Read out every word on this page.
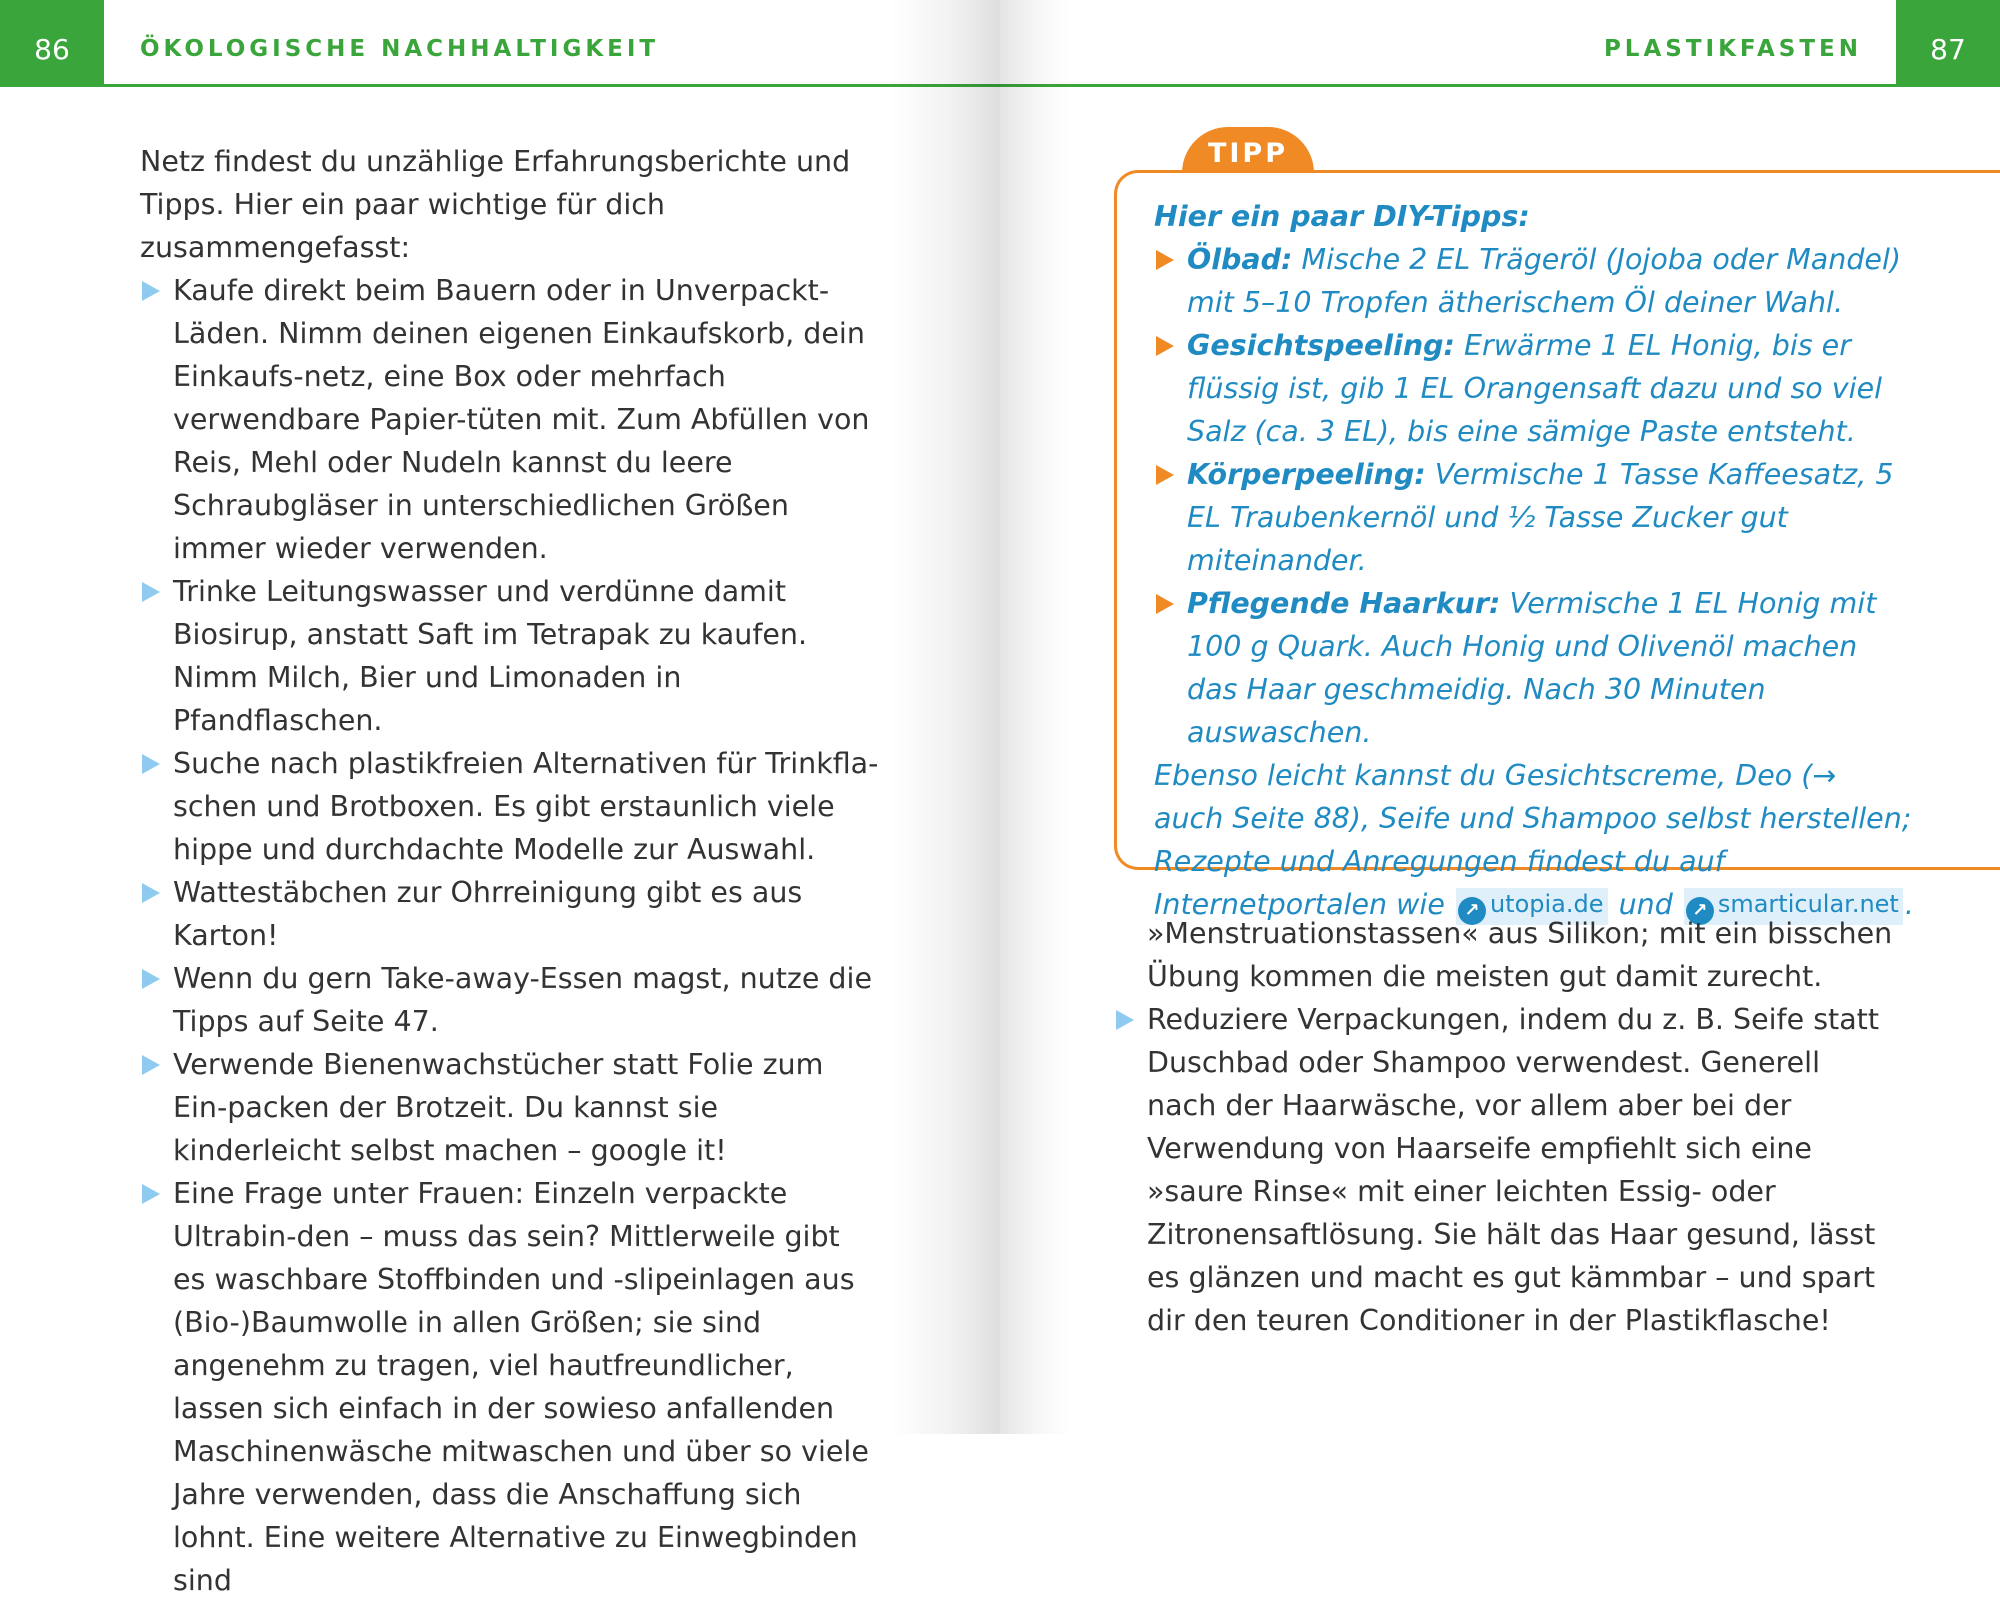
86	ÖKOLOGISCHE NACHHALTIGKEIT

Netz findest du unzählige Erfahrungsberichte und Tipps. Hier ein paar wichtige für dich zusammengefasst:

Kaufe direkt beim Bauern oder in Unverpackt-Läden. Nimm deinen eigenen Einkaufskorb, dein Einkaufs-netz, eine Box oder mehrfach verwendbare Papier-tüten mit. Zum Abfüllen von Reis, Mehl oder Nudeln kannst du leere Schraubgläser in unterschiedlichen Größen immer wieder verwenden.
Trinke Leitungswasser und verdünne damit Biosirup, anstatt Saft im Tetrapak zu kaufen. Nimm Milch, Bier und Limonaden in Pfandflaschen.
Suche nach plastikfreien Alternativen für Trinkfla-schen und Brotboxen. Es gibt erstaunlich viele hippe und durchdachte Modelle zur Auswahl.
Wattestäbchen zur Ohrreinigung gibt es aus Karton!
Wenn du gern Take-away-Essen magst, nutze die Tipps auf Seite 47.
Verwende Bienenwachstücher statt Folie zum Ein-packen der Brotzeit. Du kannst sie kinderleicht selbst machen – google it!
Eine Frage unter Frauen: Einzeln verpackte Ultrabin-den – muss das sein? Mittlerweile gibt es waschbare Stoffbinden und -slipeinlagen aus (Bio-)Baumwolle in allen Größen; sie sind angenehm zu tragen, viel hautfreundlicher, lassen sich einfach in der sowieso anfallenden Maschinenwäsche mitwaschen und über so viele Jahre verwenden, dass die Anschaffung sich lohnt. Eine weitere Alternative zu Einwegbinden sind
87
PLASTIKFASTEN
TIPP

Hier ein paar DIY-Tipps:

Ölbad: Mische 2 EL Trägeröl (Jojoba oder Mandel) mit 5–10 Tropfen ätherischem Öl deiner Wahl.
Gesichtspeeling: Erwärme 1 EL Honig, bis er flüssig ist, gib 1 EL Orangensaft dazu und so viel Salz (ca. 3 EL), bis eine sämige Paste entsteht.
Körperpeeling: Vermische 1 Tasse Kaffeesatz, 5 EL Traubenkernöl und ½ Tasse Zucker gut miteinander.
Pflegende Haarkur: Vermische 1 EL Honig mit 100 g Quark. Auch Honig und Olivenöl machen das Haar geschmeidig. Nach 30 Minuten auswaschen.

Ebenso leicht kannst du Gesichtscreme, Deo (→ auch Seite 88), Seife und Shampoo selbst herstellen; Rezepte und Anregungen findest du auf Internetportalen wie ↗ utopia.de und ↗ smarticular.net .

»Menstruationstassen« aus Silikon; mit ein bisschen Übung kommen die meisten gut damit zurecht.

Reduziere Verpackungen, indem du z. B. Seife statt Duschbad oder Shampoo verwendest. Generell nach der Haarwäsche, vor allem aber bei der Verwendung von Haarseife empfiehlt sich eine »saure Rinse« mit einer leichten Essig- oder Zitronensaftlösung. Sie hält das Haar gesund, lässt es glänzen und macht es gut kämmbar – und spart dir den teuren Conditioner in der Plastikflasche!
